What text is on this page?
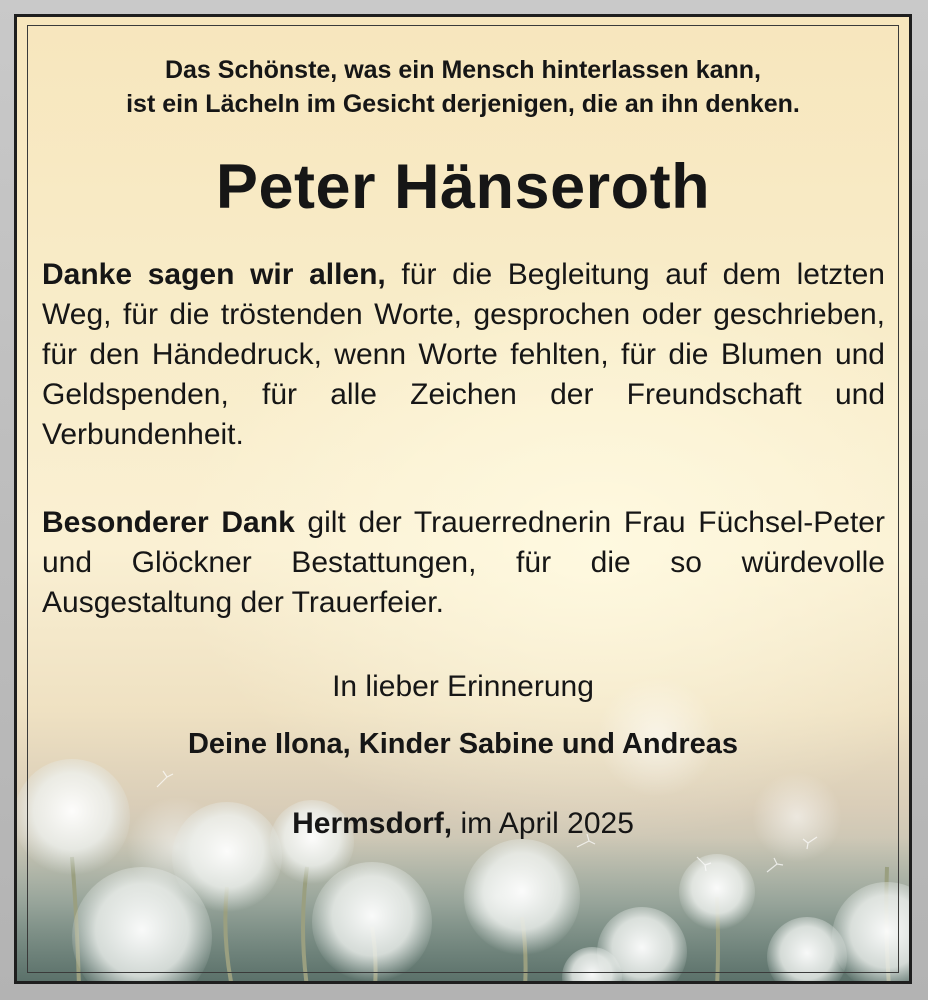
Das Schönste, was ein Mensch hinterlassen kann,
ist ein Lächeln im Gesicht derjenigen, die an ihn denken.
Peter Hänseroth
Danke sagen wir allen, für die Begleitung auf dem letzten Weg, für die tröstenden Worte, gesprochen oder geschrieben, für den Händedruck, wenn Worte fehlten, für die Blumen und Geldspenden, für alle Zeichen der Freundschaft und Verbundenheit.
Besonderer Dank gilt der Trauerrednerin Frau Füchsel-Peter und Glöckner Bestattungen, für die so würdevolle Ausgestaltung der Trauerfeier.
In lieber Erinnerung
Deine Ilona, Kinder Sabine und Andreas
Hermsdorf, im April 2025
